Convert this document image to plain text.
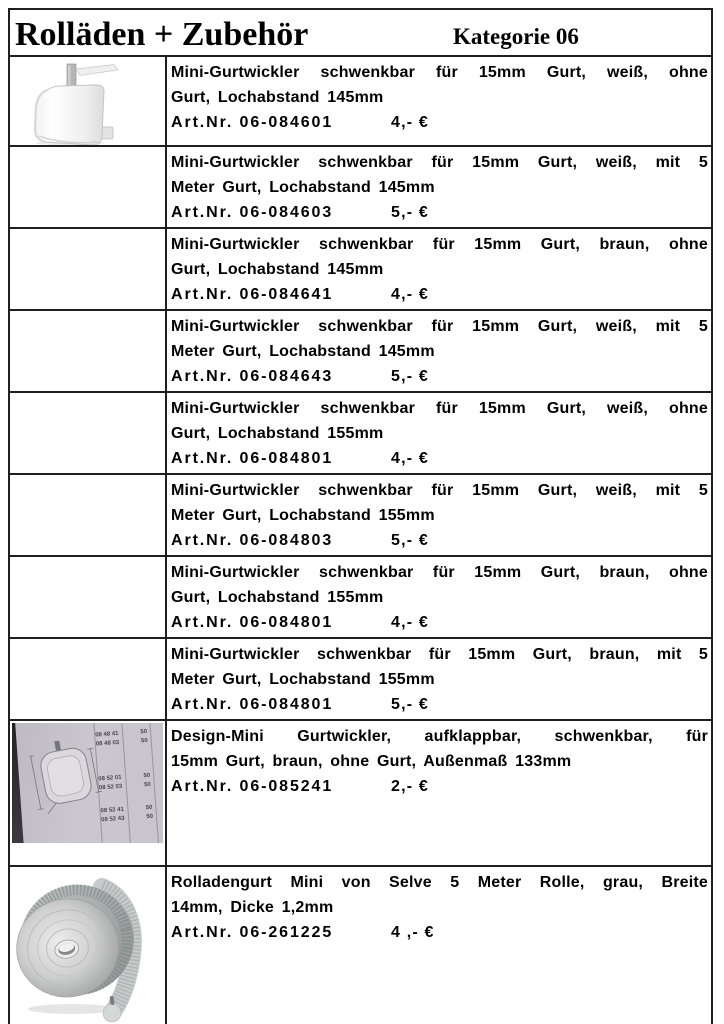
Rolläden + Zubehör	Kategorie 06
Mini-Gurtwickler schwenkbar für 15mm Gurt, weiß, ohne
Gurt, Lochabstand 145mm
Art.Nr. 06-084601	4,- €
Mini-Gurtwickler schwenkbar für 15mm Gurt, weiß, mit 5
Meter Gurt, Lochabstand 145mm
Art.Nr. 06-084603	5,- €
Mini-Gurtwickler schwenkbar für 15mm Gurt, braun, ohne
Gurt, Lochabstand 145mm
Art.Nr. 06-084641	4,- €
Mini-Gurtwickler schwenkbar für 15mm Gurt, weiß, mit 5
Meter Gurt, Lochabstand 145mm
Art.Nr. 06-084643	5,- €
Mini-Gurtwickler schwenkbar für 15mm Gurt, weiß, ohne
Gurt, Lochabstand 155mm
Art.Nr. 06-084801	4,- €
Mini-Gurtwickler schwenkbar für 15mm Gurt, weiß, mit 5
Meter Gurt, Lochabstand 155mm
Art.Nr. 06-084803	5,- €
Mini-Gurtwickler schwenkbar für 15mm Gurt, braun, ohne
Gurt, Lochabstand 155mm
Art.Nr. 06-084801	4,- €
Mini-Gurtwickler schwenkbar für 15mm Gurt, braun, mit 5
Meter Gurt, Lochabstand 155mm
Art.Nr. 06-084801	5,- €
08 48 41	50
08 48 03	50
08 52 01	50
08 52 03	50
08 52 41	50
08 52 43	50
Design-Mini Gurtwickler, aufklappbar, schwenkbar, für
15mm Gurt, braun, ohne Gurt, Außenmaß 133mm
Art.Nr. 06-085241	2,- €
Rolladengurt Mini von Selve 5 Meter Rolle, grau, Breite
14mm, Dicke 1,2mm
Art.Nr. 06-261225	4 ,- €
